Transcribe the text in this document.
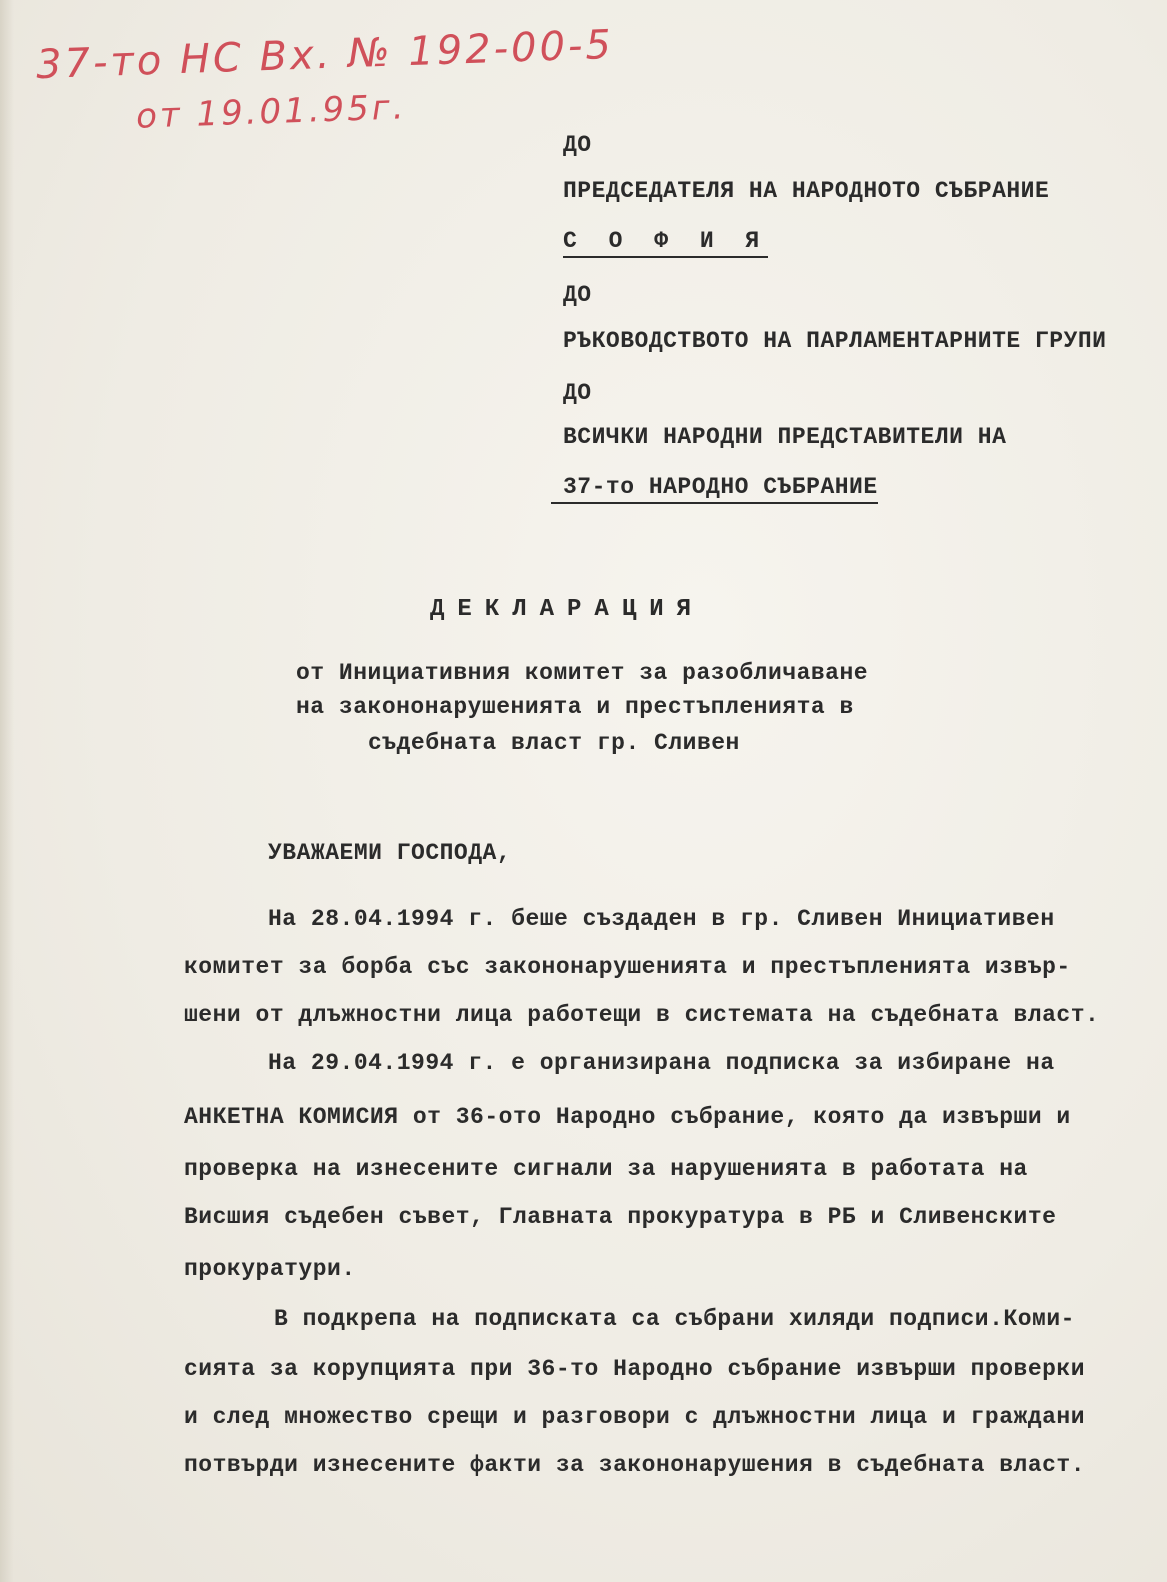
37-то НС Вх. № 192-00-5
от 19.01.95г.
ДО
ПРЕДСЕДАТЕЛЯ НА НАРОДНОТО СЪБРАНИЕ
С О Ф И Я
ДО
РЪКОВОДСТВОТО НА ПАРЛАМЕНТАРНИТЕ ГРУПИ
ДО
ВСИЧКИ НАРОДНИ ПРЕДСТАВИТЕЛИ НА
37-то НАРОДНО СЪБРАНИЕ
ДЕКЛАРАЦИЯ
от Инициативния комитет за разобличаване
на закононарушенията и престъпленията в
съдебната власт гр. Сливен
УВАЖАЕМИ ГОСПОДА,
На 28.04.1994 г. беше създаден в гр. Сливен Инициативен
комитет за борба със закононарушенията и престъпленията извър-
шени от длъжностни лица работещи в системата на съдебната власт.
На 29.04.1994 г. е организирана подписка за избиране на
АНКЕТНА КОМИСИЯ от 36-ото Народно събрание, която да извърши и
проверка на изнесените сигнали за нарушенията в работата на
Висшия съдебен съвет, Главната прокуратура в РБ и Сливенските
прокуратури.
В подкрепа на подписката са събрани хиляди подписи.Коми-
сията за корупцията при 36-то Народно събрание извърши проверки
и след множество срещи и разговори с длъжностни лица и граждани
потвърди изнесените факти за закононарушения в съдебната власт.
